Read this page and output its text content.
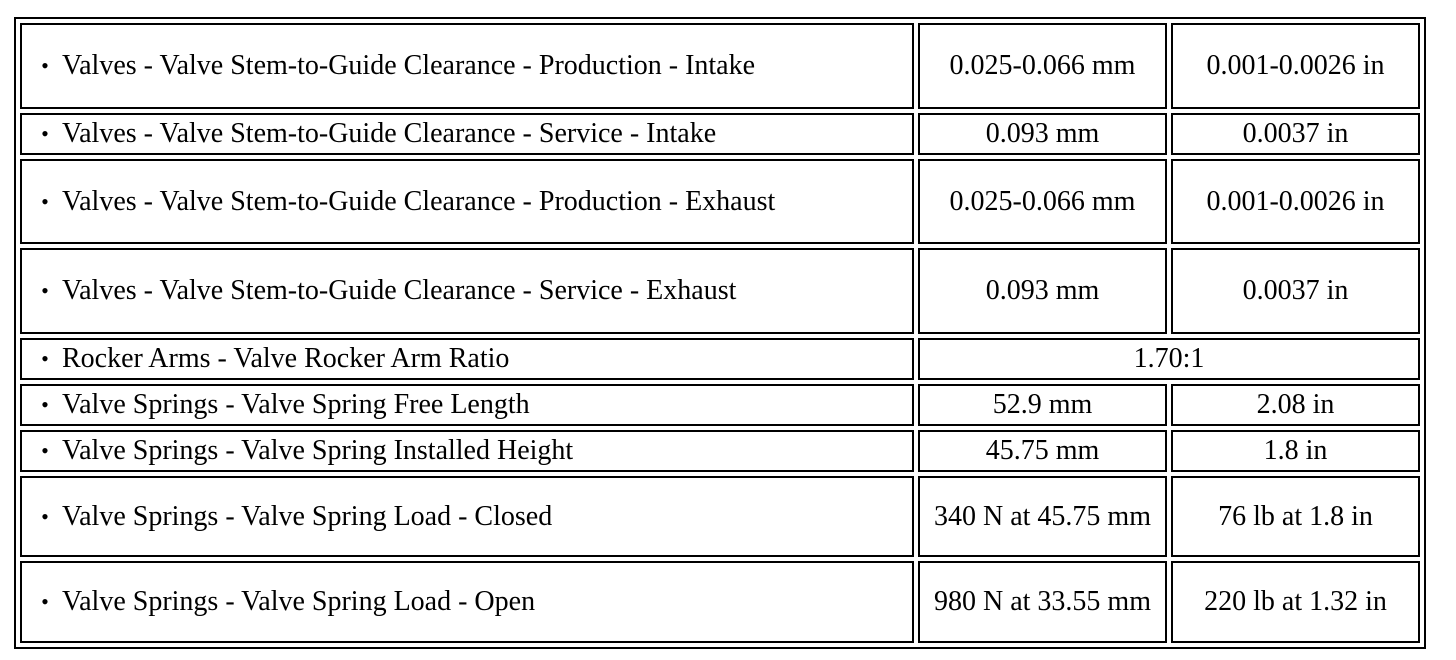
• Valves - Valve Stem-to-Guide Clearance - Production - Intake	0.025-0.066 mm	0.001-0.0026 in

• Valves - Valve Stem-to-Guide Clearance - Service - Intake	0.093 mm	0.0037 in

• Valves - Valve Stem-to-Guide Clearance - Production - Exhaust	0.025-0.066 mm	0.001-0.0026 in

• Valves - Valve Stem-to-Guide Clearance - Service - Exhaust	0.093 mm	0.0037 in

• Rocker Arms - Valve Rocker Arm Ratio	1.70:1	

• Valve Springs - Valve Spring Free Length	52.9 mm	2.08 in

• Valve Springs - Valve Spring Installed Height	45.75 mm	1.8 in

• Valve Springs - Valve Spring Load - Closed	340 N at 45.75 mm	76 lb at 1.8 in

• Valve Springs - Valve Spring Load - Open	980 N at 33.55 mm	220 lb at 1.32 in
